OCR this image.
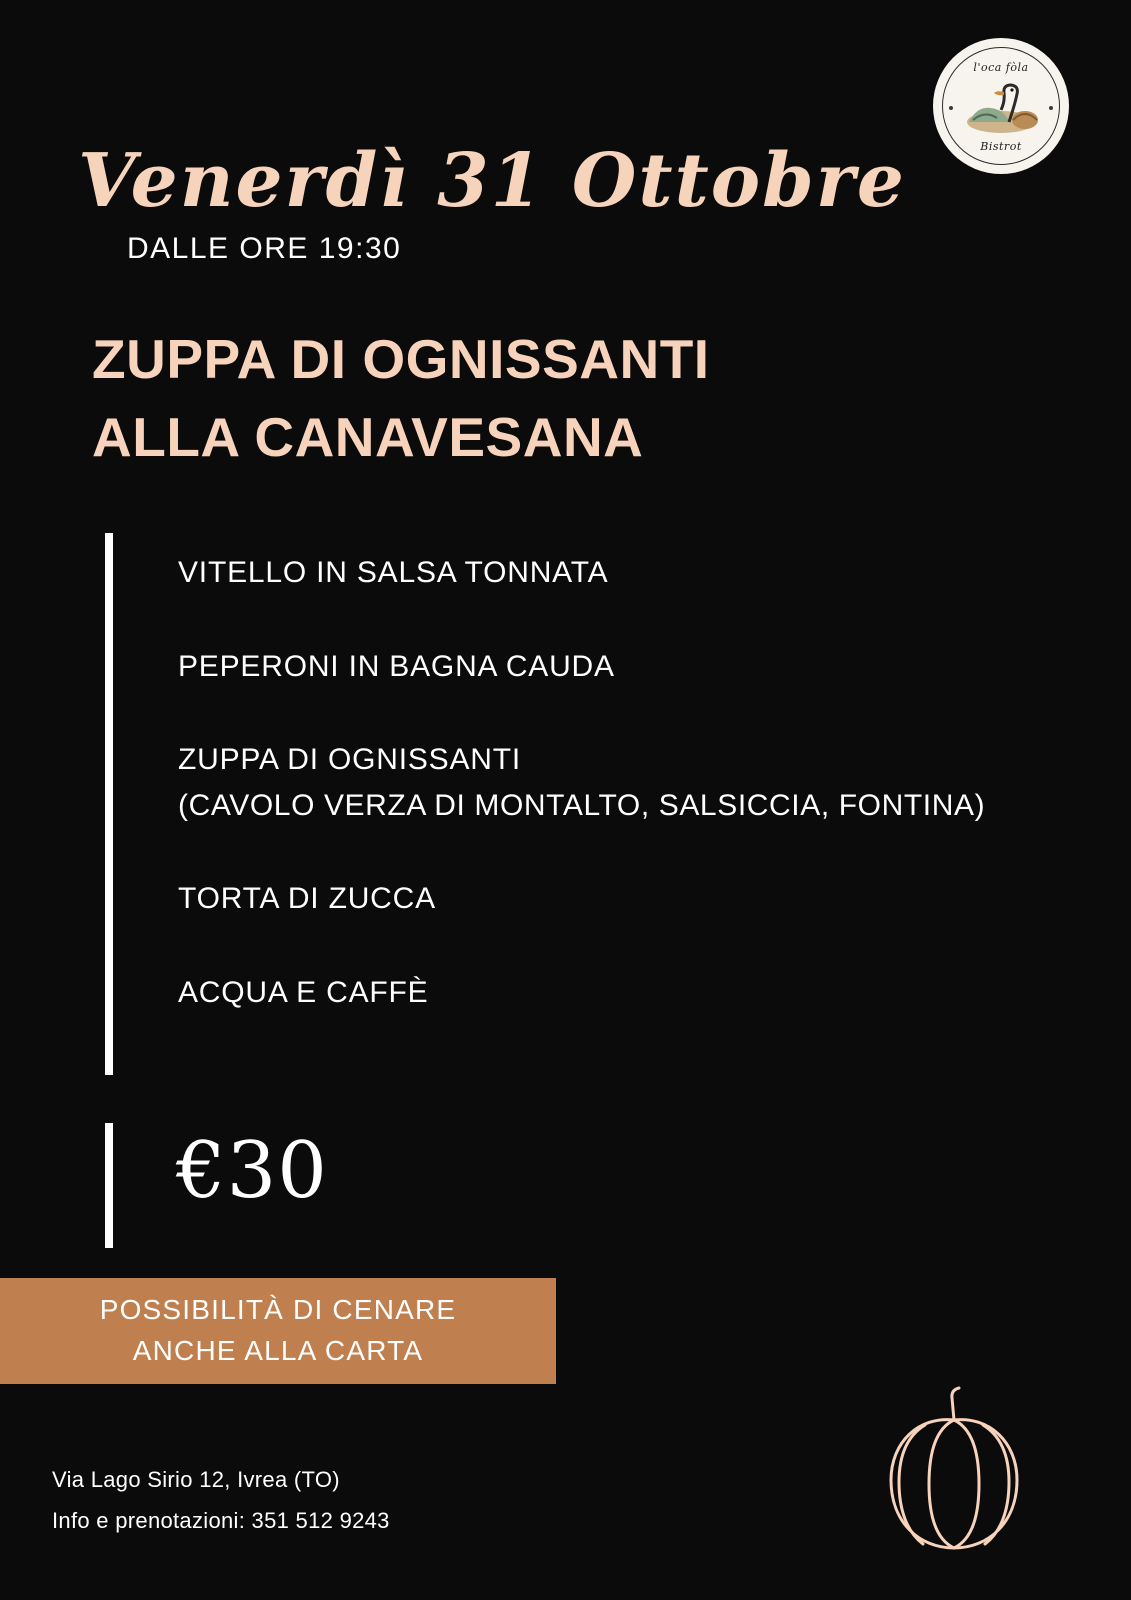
l'oca fòla
Bistrot
Venerdì 31 Ottobre
DALLE ORE 19:30
ZUPPA DI OGNISSANTI
ALLA CANAVESANA
VITELLO IN SALSA TONNATA
PEPERONI IN BAGNA CAUDA
ZUPPA DI OGNISSANTI
(CAVOLO VERZA DI MONTALTO, SALSICCIA, FONTINA)
TORTA DI ZUCCA
ACQUA E CAFFÈ
€30
POSSIBILITÀ DI CENARE
ANCHE ALLA CARTA
Via Lago Sirio 12, Ivrea (TO)
Info e prenotazioni: 351 512 9243
